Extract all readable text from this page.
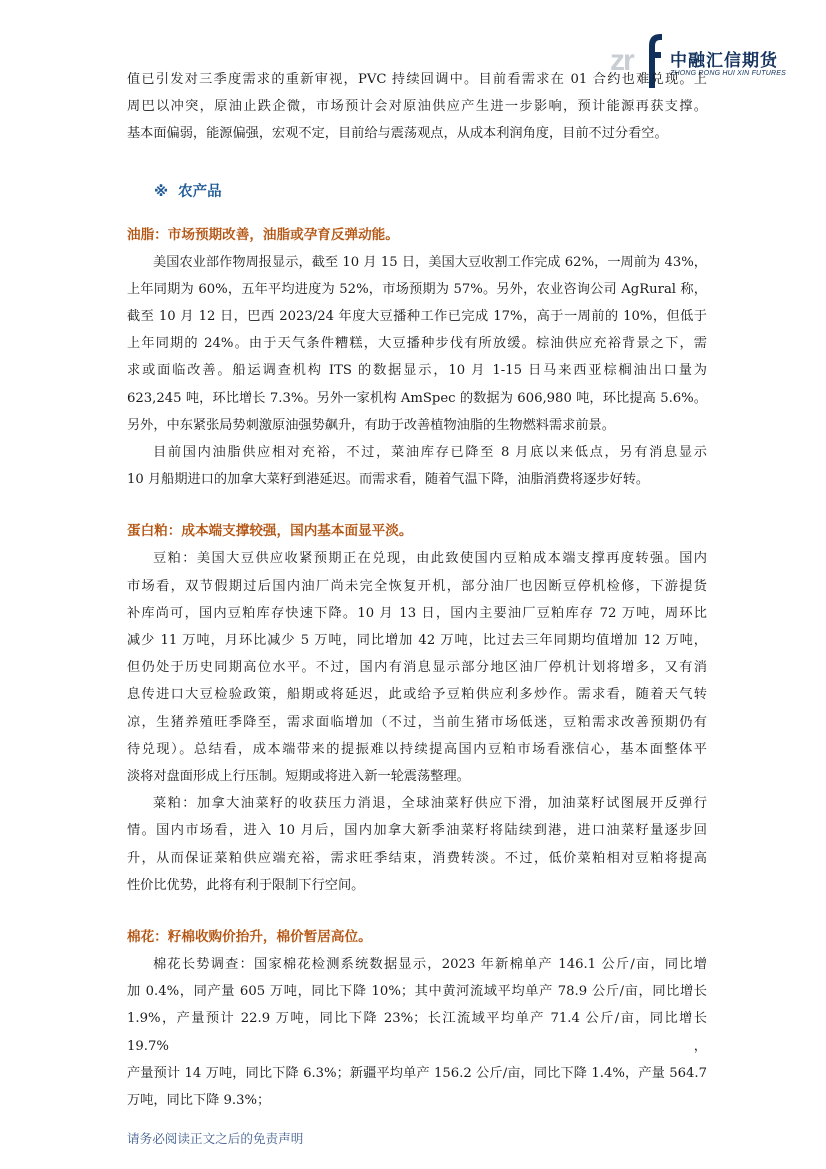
zr 中融汇信期货
ZHONG RONG HUI XIN FUTURES

值已引发对三季度需求的重新审视，PVC 持续回调中。目前看需求在 01 合约也难兑现。上
周巴以冲突，原油止跌企微，市场预计会对原油供应产生进一步影响，预计能源再获支撑。
基本面偏弱，能源偏强，宏观不定，目前给与震荡观点，从成本利润角度，目前不过分看空。

※ 农产品
油脂：市场预期改善，油脂或孕育反弹动能。

美国农业部作物周报显示，截至 10 月 15 日，美国大豆收割工作完成 62%，一周前为 43%，
上年同期为 60%，五年平均进度为 52%，市场预期为 57%。另外，农业咨询公司 AgRural 称，
截至 10 月 12 日，巴西 2023/24 年度大豆播种工作已完成 17%，高于一周前的 10%，但低于
上年同期的 24%。由于天气条件糟糕，大豆播种步伐有所放缓。棕油供应充裕背景之下，需
求或面临改善。船运调查机构 ITS 的数据显示，10 月 1-15 日马来西亚棕榈油出口量为
623,245 吨，环比增长 7.3%。另外一家机构 AmSpec 的数据为 606,980 吨，环比提高 5.6%。
另外，中东紧张局势刺激原油强势飙升，有助于改善植物油脂的生物燃料需求前景。

目前国内油脂供应相对充裕，不过，菜油库存已降至 8 月底以来低点，另有消息显示
10 月船期进口的加拿大菜籽到港延迟。而需求看，随着气温下降，油脂消费将逐步好转。

蛋白粕：成本端支撑较强，国内基本面显平淡。

豆粕：美国大豆供应收紧预期正在兑现，由此致使国内豆粕成本端支撑再度转强。国内
市场看，双节假期过后国内油厂尚未完全恢复开机，部分油厂也因断豆停机检修，下游提货
补库尚可，国内豆粕库存快速下降。10 月 13 日，国内主要油厂豆粕库存 72 万吨，周环比
减少 11 万吨，月环比减少 5 万吨，同比增加 42 万吨，比过去三年同期均值增加 12 万吨，
但仍处于历史同期高位水平。不过，国内有消息显示部分地区油厂停机计划将增多，又有消
息传进口大豆检验政策，船期或将延迟，此或给予豆粕供应利多炒作。需求看，随着天气转
凉，生猪养殖旺季降至，需求面临增加（不过，当前生猪市场低迷，豆粕需求改善预期仍有
待兑现）。总结看，成本端带来的提振难以持续提高国内豆粕市场看涨信心，基本面整体平
淡将对盘面形成上行压制。短期或将进入新一轮震荡整理。

菜粕：加拿大油菜籽的收获压力消退，全球油菜籽供应下滑，加油菜籽试图展开反弹行
情。国内市场看，进入 10 月后，国内加拿大新季油菜籽将陆续到港，进口油菜籽量逐步回
升，从而保证菜粕供应端充裕，需求旺季结束，消费转淡。不过，低价菜粕相对豆粕将提高
性价比优势，此将有利于限制下行空间。

棉花：籽棉收购价抬升，棉价暂居高位。

棉花长势调查：国家棉花检测系统数据显示，2023 年新棉单产 146.1 公斤/亩，同比增
加 0.4%，同产量 605 万吨，同比下降 10%；其中黄河流域平均单产 78.9 公斤/亩，同比增长
1.9%，产量预计 22.9 万吨，同比下降 23%；长江流域平均单产 71.4 公斤/亩，同比增长 19.7%，
产量预计 14 万吨，同比下降 6.3%；新疆平均单产 156.2 公斤/亩，同比下降 1.4%，产量 564.7
万吨，同比下降 9.3%；

请务必阅读正文之后的免责声明
